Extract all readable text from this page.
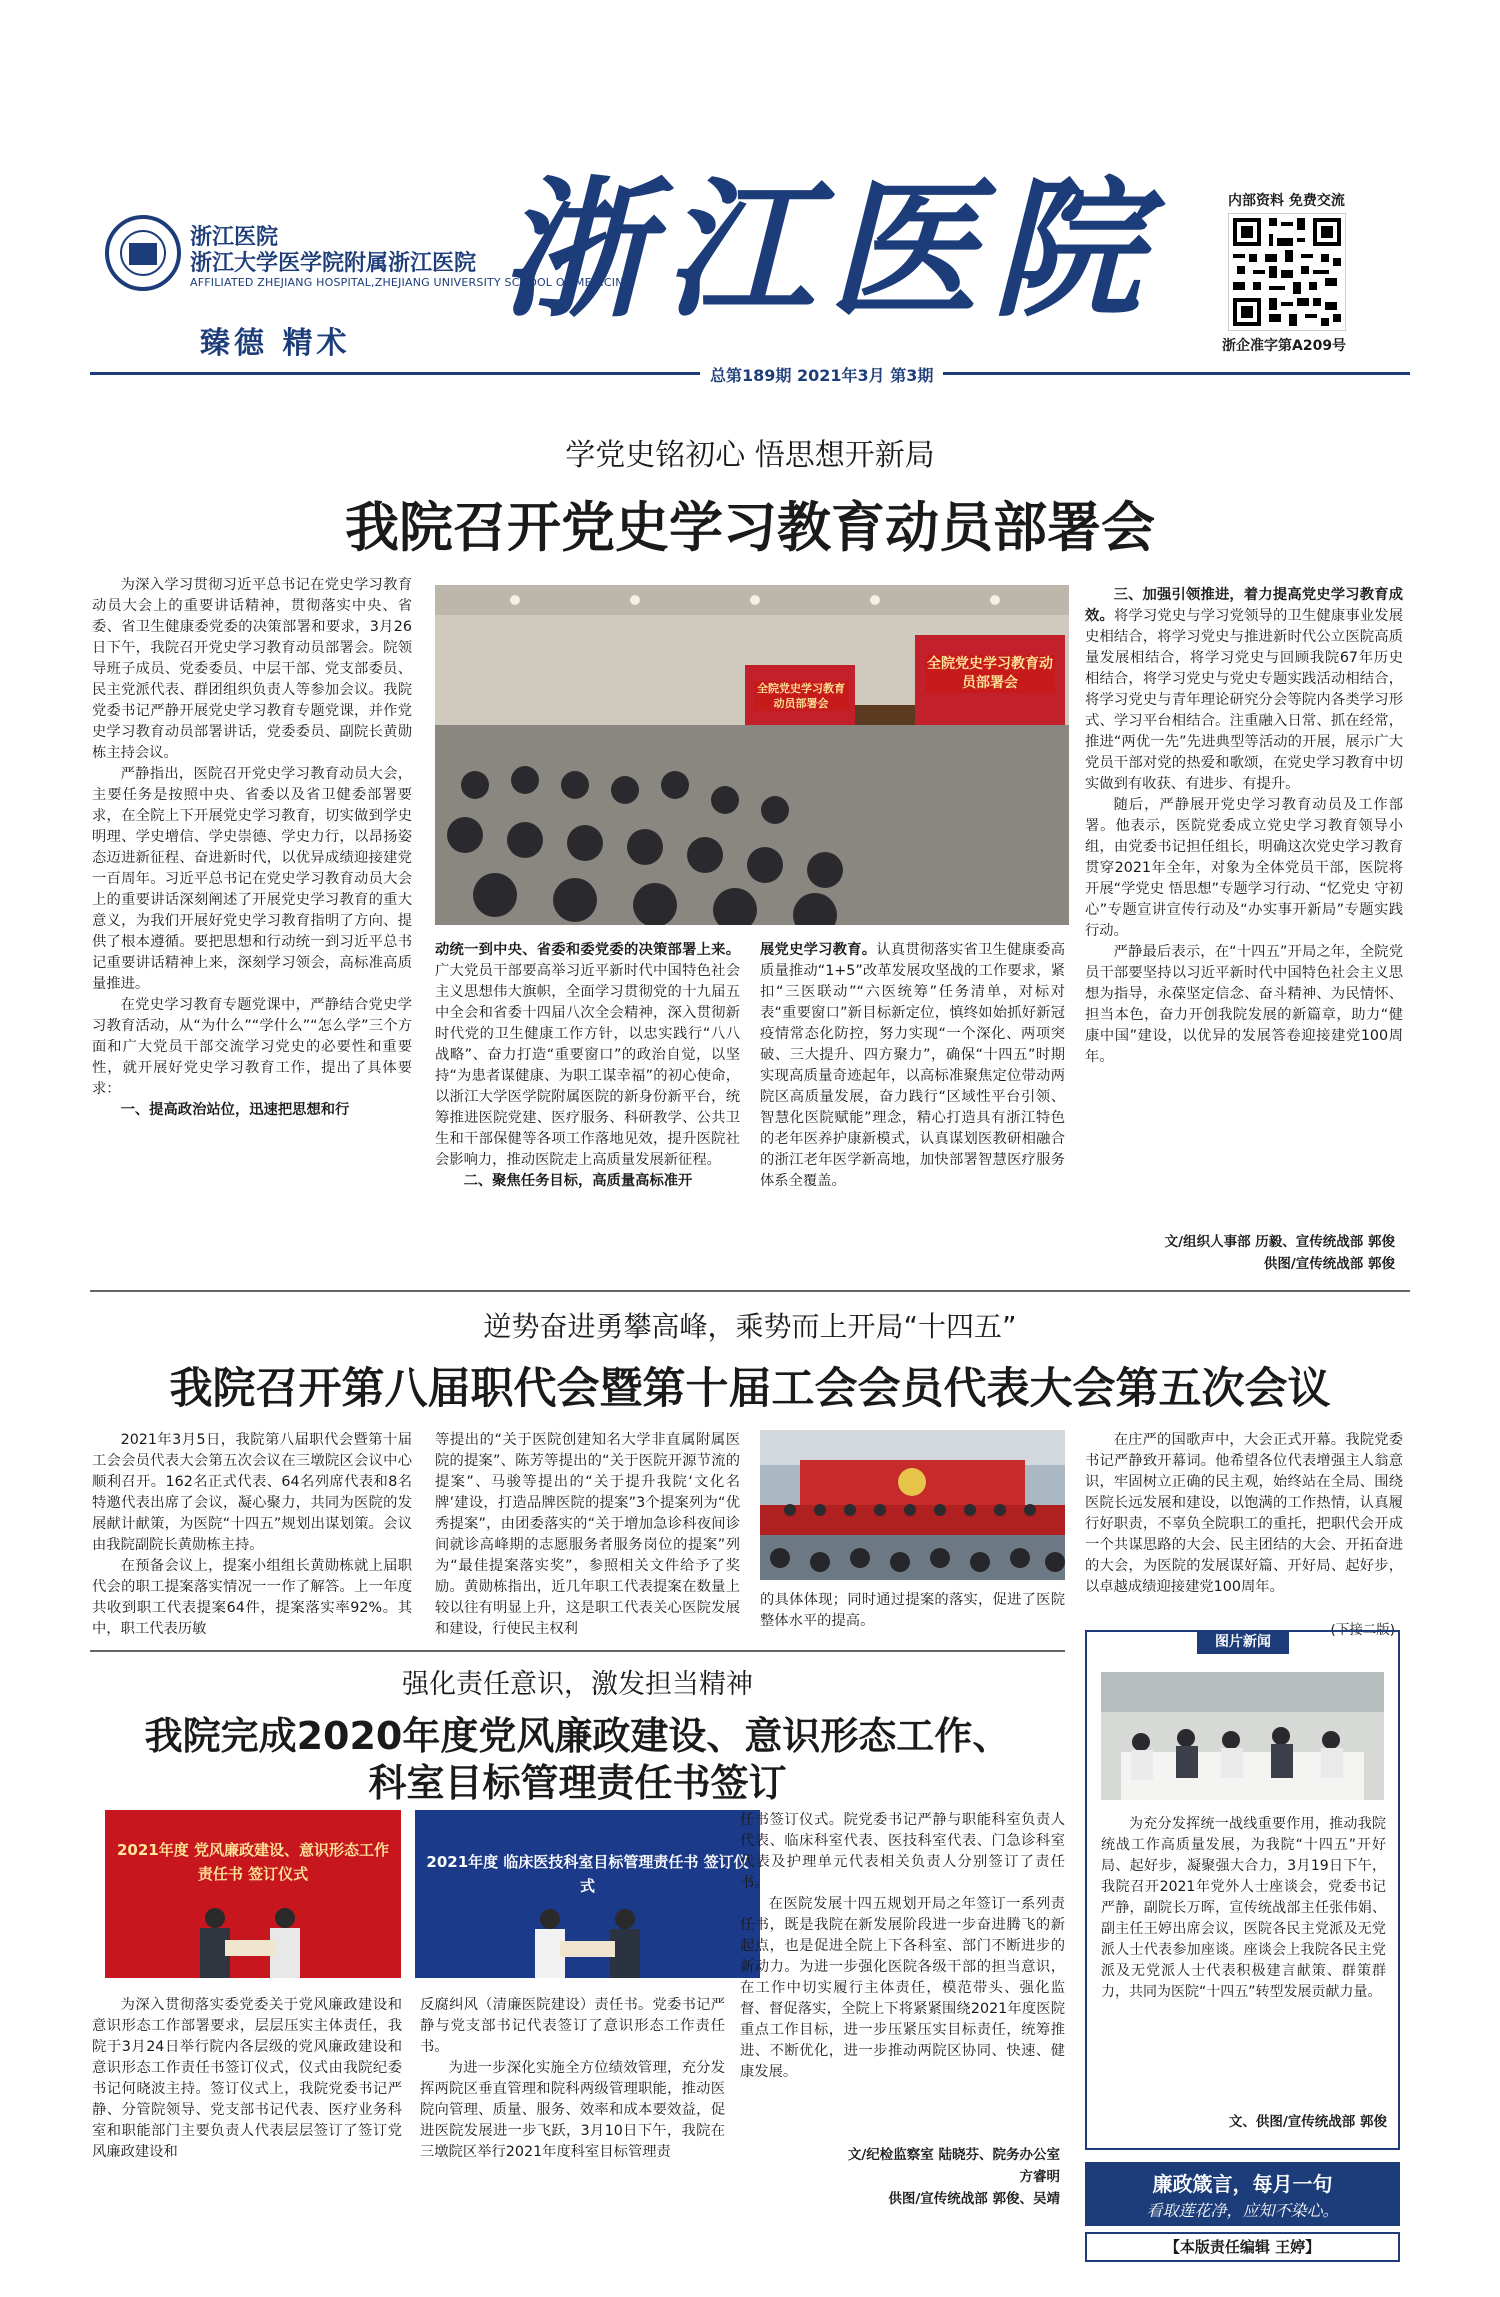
浙江医院
浙江大学医学院附属浙江医院
AFFILIATED ZHEJIANG HOSPITAL,ZHEJIANG UNIVERSITY SCHOOL OF MEDICINE
臻德 精术
浙江医院	内部资料 免费交流
浙企准字第A209号
总第189期 2021年3月 第3期
学党史铭初心 悟思想开新局
我院召开党史学习教育动员部署会

为深入学习贯彻习近平总书记在党史学习教育动员大会上的重要讲话精神，贯彻落实中央、省委、省卫生健康委党委的决策部署和要求，3月26日下午，我院召开党史学习教育动员部署会。院领导班子成员、党委委员、中层干部、党支部委员、民主党派代表、群团组织负责人等参加会议。我院党委书记严静开展党史学习教育专题党课，并作党史学习教育动员部署讲话，党委委员、副院长黄勋栋主持会议。

严静指出，医院召开党史学习教育动员大会，主要任务是按照中央、省委以及省卫健委部署要求，在全院上下开展党史学习教育，切实做到学史明理、学史增信、学史崇德、学史力行，以昂扬姿态迈进新征程、奋进新时代，以优异成绩迎接建党一百周年。习近平总书记在党史学习教育动员大会上的重要讲话深刻阐述了开展党史学习教育的重大意义，为我们开展好党史学习教育指明了方向、提供了根本遵循。要把思想和行动统一到习近平总书记重要讲话精神上来，深刻学习领会，高标准高质量推进。

在党史学习教育专题党课中，严静结合党史学习教育活动，从“为什么”“学什么”“怎么学”三个方面和广大党员干部交流学习党史的必要性和重要性，就开展好党史学习教育工作，提出了具体要求：

一、提高政治站位，迅速把思想和行

全院党史学习教育动员部署会
全院党史学习教育动员部署会

动统一到中央、省委和委党委的决策部署上来。广大党员干部要高举习近平新时代中国特色社会主义思想伟大旗帜，全面学习贯彻党的十九届五中全会和省委十四届八次全会精神，深入贯彻新时代党的卫生健康工作方针，以忠实践行“八八战略”、奋力打造“重要窗口”的政治自觉，以坚持“为患者谋健康、为职工谋幸福”的初心使命，以浙江大学医学院附属医院的新身份新平台，统筹推进医院党建、医疗服务、科研教学、公共卫生和干部保健等各项工作落地见效，提升医院社会影响力，推动医院走上高质量发展新征程。

二、聚焦任务目标，高质量高标准开

展党史学习教育。认真贯彻落实省卫生健康委高质量推动“1+5”改革发展攻坚战的工作要求，紧扣“三医联动”“六医统筹”任务清单，对标对表“重要窗口”新目标新定位，慎终如始抓好新冠疫情常态化防控，努力实现“一个深化、两项突破、三大提升、四方聚力”，确保“十四五”时期实现高质量奇迹起年，以高标准聚焦定位带动两院区高质量发展，奋力践行“区域性平台引领、智慧化医院赋能”理念，精心打造具有浙江特色的老年医养护康新模式，认真谋划医教研相融合的浙江老年医学新高地，加快部署智慧医疗服务体系全覆盖。

三、加强引领推进，着力提高党史学习教育成效。将学习党史与学习党领导的卫生健康事业发展史相结合，将学习党史与推进新时代公立医院高质量发展相结合，将学习党史与回顾我院67年历史相结合，将学习党史与党史专题实践活动相结合，将学习党史与青年理论研究分会等院内各类学习形式、学习平台相结合。注重融入日常、抓在经常，推进“两优一先”先进典型等活动的开展，展示广大党员干部对党的热爱和歌颂，在党史学习教育中切实做到有收获、有进步、有提升。

随后，严静展开党史学习教育动员及工作部署。他表示，医院党委成立党史学习教育领导小组，由党委书记担任组长，明确这次党史学习教育贯穿2021年全年，对象为全体党员干部，医院将开展“学党史 悟思想”专题学习行动、“忆党史 守初心”专题宣讲宣传行动及“办实事开新局”专题实践行动。

严静最后表示，在“十四五”开局之年，全院党员干部要坚持以习近平新时代中国特色社会主义思想为指导，永葆坚定信念、奋斗精神、为民情怀、担当本色，奋力开创我院发展的新篇章，助力“健康中国”建设，以优异的发展答卷迎接建党100周年。

文/组织人事部 历毅、宣传统战部 郭俊
供图/宣传统战部 郭俊
逆势奋进勇攀高峰，乘势而上开局“十四五”
我院召开第八届职代会暨第十届工会会员代表大会第五次会议

2021年3月5日，我院第八届职代会暨第十届工会会员代表大会第五次会议在三墩院区会议中心顺利召开。162名正式代表、64名列席代表和8名特邀代表出席了会议，凝心聚力，共同为医院的发展献计献策，为医院“十四五”规划出谋划策。会议由我院副院长黄勋栋主持。

在预备会议上，提案小组组长黄勋栋就上届职代会的职工提案落实情况一一作了解答。上一年度共收到职工代表提案64件，提案落实率92%。其中，职工代表历敏

等提出的“关于医院创建知名大学非直属附属医院的提案”、陈芳等提出的“关于医院开源节流的提案”、马骏等提出的“关于提升我院‘文化名牌’建设，打造品牌医院的提案”3个提案列为“优秀提案”，由团委落实的“关于增加急诊科夜间诊间就诊高峰期的志愿服务者服务岗位的提案”列为“最佳提案落实奖”，参照相关文件给予了奖励。黄勋栋指出，近几年职工代表提案在数量上较以往有明显上升，这是职工代表关心医院发展和建设，行使民主权利

的具体体现；同时通过提案的落实，促进了医院整体水平的提高。

在庄严的国歌声中，大会正式开幕。我院党委书记严静致开幕词。他希望各位代表增强主人翁意识，牢固树立正确的民主观，始终站在全局、围绕医院长远发展和建设，以饱满的工作热情，认真履行好职责，不辜负全院职工的重托，把职代会开成一个共谋思路的大会、民主团结的大会、开拓奋进的大会，为医院的发展谋好篇、开好局、起好步，以卓越成绩迎接建党100周年。

(下接二版)
强化责任意识，激发担当精神
我院完成2020年度党风廉政建设、意识形态工作、
科室目标管理责任书签订
2021年度 党风廉政建设、意识形态工作责任书 签订仪式
2021年度 临床医技科室目标管理责任书 签订仪式

为深入贯彻落实委党委关于党风廉政建设和意识形态工作部署要求，层层压实主体责任，我院于3月24日举行院内各层级的党风廉政建设和意识形态工作责任书签订仪式，仪式由我院纪委书记何晓波主持。签订仪式上，我院党委书记严静、分管院领导、党支部书记代表、医疗业务科室和职能部门主要负责人代表层层签订了签订党风廉政建设和

反腐纠风（清廉医院建设）责任书。党委书记严静与党支部书记代表签订了意识形态工作责任书。

为进一步深化实施全方位绩效管理，充分发挥两院区垂直管理和院科两级管理职能，推动医院向管理、质量、服务、效率和成本要效益，促进医院发展进一步飞跃，3月10日下午，我院在三墩院区举行2021年度科室目标管理责

任书签订仪式。院党委书记严静与职能科室负责人代表、临床科室代表、医技科室代表、门急诊科室代表及护理单元代表相关负责人分别签订了责任书。

在医院发展十四五规划开局之年签订一系列责任书，既是我院在新发展阶段进一步奋进腾飞的新起点，也是促进全院上下各科室、部门不断进步的新动力。为进一步强化医院各级干部的担当意识，在工作中切实履行主体责任，模范带头、强化监督、督促落实，全院上下将紧紧围绕2021年度医院重点工作目标，进一步压紧压实目标责任，统筹推进、不断优化，进一步推动两院区协同、快速、健康发展。

文/纪检监察室 陆晓芬、院务办公室
方睿明
供图/宣传统战部 郭俊、吴靖
图片新闻

为充分发挥统一战线重要作用，推动我院统战工作高质量发展，为我院“十四五”开好局、起好步，凝聚强大合力，3月19日下午，我院召开2021年党外人士座谈会，党委书记严静，副院长万晖，宣传统战部主任张伟娟、副主任王婷出席会议，医院各民主党派及无党派人士代表参加座谈。座谈会上我院各民主党派及无党派人士代表积极建言献策、群策群力，共同为医院“十四五”转型发展贡献力量。

文、供图/宣传统战部 郭俊
廉政箴言，每月一句
看取莲花净，应知不染心。
【本版责任编辑 王婷】
